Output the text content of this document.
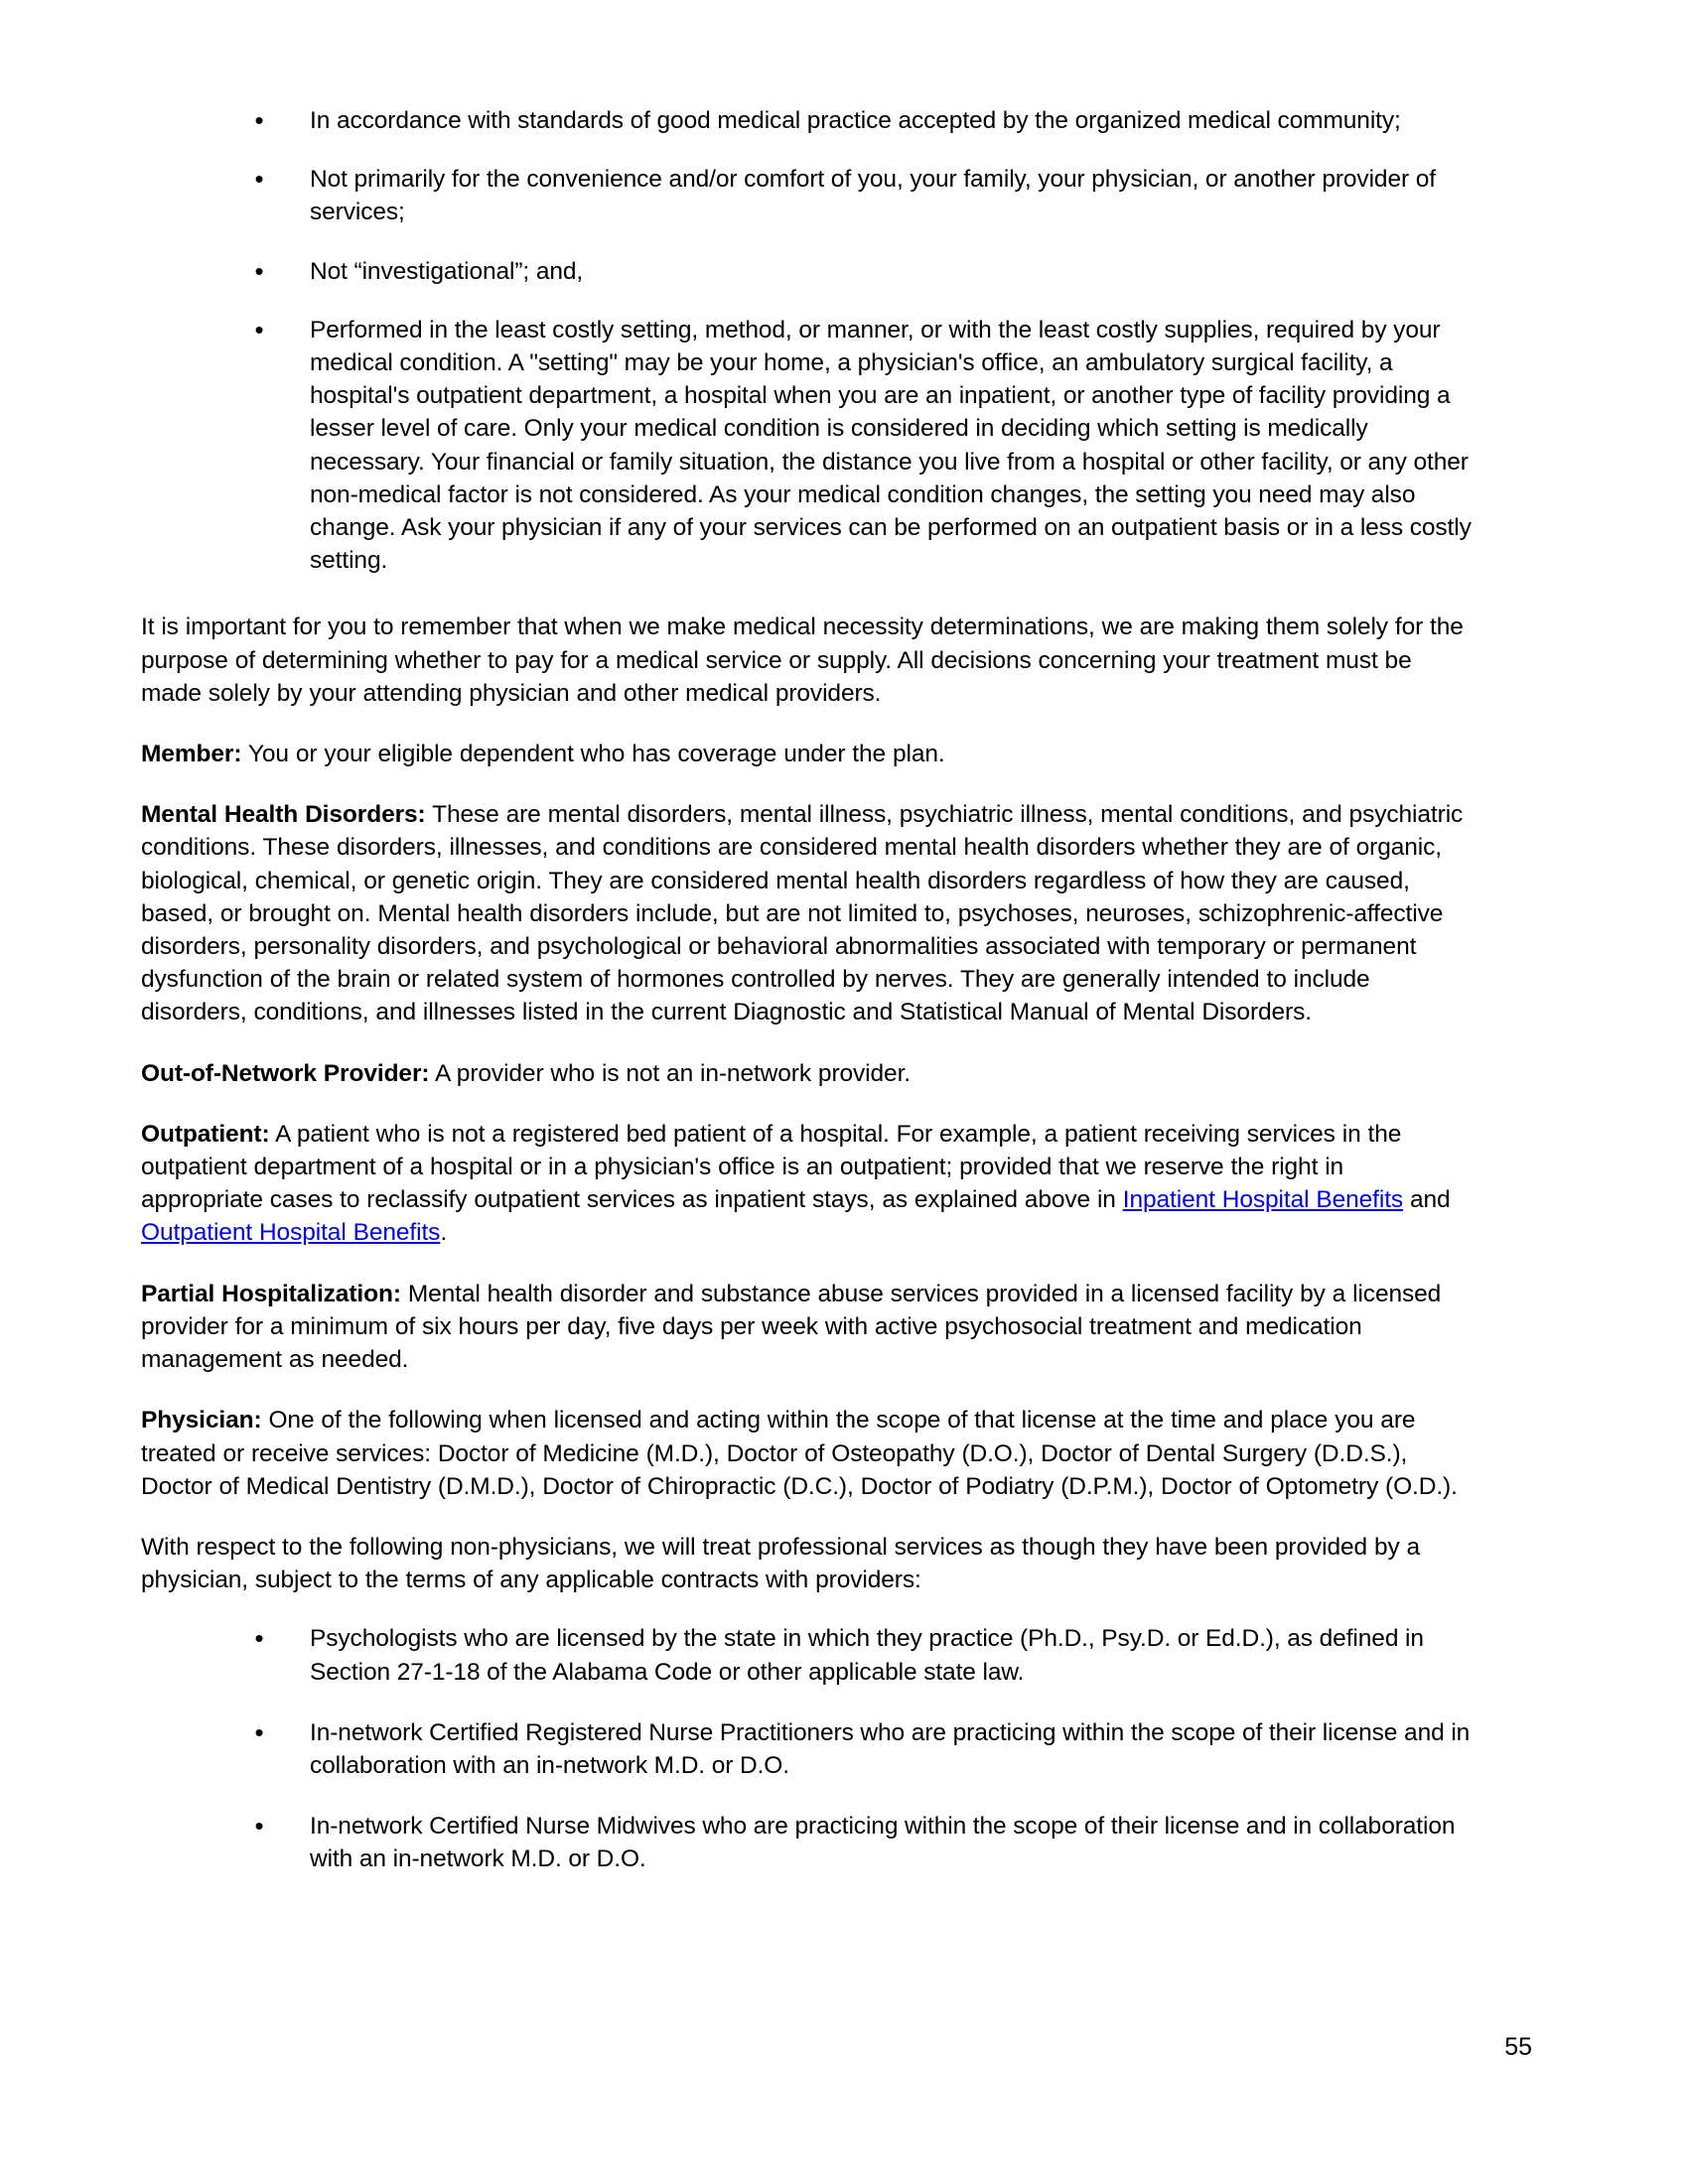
• In accordance with standards of good medical practice accepted by the organized medical community;
• Not primarily for the convenience and/or comfort of you, your family, your physician, or another provider of services;
• Not “investigational”; and,
• Performed in the least costly setting, method, or manner, or with the least costly supplies, required by your medical condition. A "setting" may be your home, a physician's office, an ambulatory surgical facility, a hospital's outpatient department, a hospital when you are an inpatient, or another type of facility providing a lesser level of care. Only your medical condition is considered in deciding which setting is medically necessary. Your financial or family situation, the distance you live from a hospital or other facility, or any other non-medical factor is not considered. As your medical condition changes, the setting you need may also change. Ask your physician if any of your services can be performed on an outpatient basis or in a less costly setting.

It is important for you to remember that when we make medical necessity determinations, we are making them solely for the purpose of determining whether to pay for a medical service or supply. All decisions concerning your treatment must be made solely by your attending physician and other medical providers.

Member: You or your eligible dependent who has coverage under the plan.

Mental Health Disorders: These are mental disorders, mental illness, psychiatric illness, mental conditions, and psychiatric conditions. These disorders, illnesses, and conditions are considered mental health disorders whether they are of organic, biological, chemical, or genetic origin. They are considered mental health disorders regardless of how they are caused, based, or brought on. Mental health disorders include, but are not limited to, psychoses, neuroses, schizophrenic-affective disorders, personality disorders, and psychological or behavioral abnormalities associated with temporary or permanent dysfunction of the brain or related system of hormones controlled by nerves. They are generally intended to include disorders, conditions, and illnesses listed in the current Diagnostic and Statistical Manual of Mental Disorders.

Out-of-Network Provider: A provider who is not an in-network provider.

Outpatient: A patient who is not a registered bed patient of a hospital. For example, a patient receiving services in the outpatient department of a hospital or in a physician's office is an outpatient; provided that we reserve the right in appropriate cases to reclassify outpatient services as inpatient stays, as explained above in Inpatient Hospital Benefits and Outpatient Hospital Benefits.

Partial Hospitalization: Mental health disorder and substance abuse services provided in a licensed facility by a licensed provider for a minimum of six hours per day, five days per week with active psychosocial treatment and medication management as needed.

Physician: One of the following when licensed and acting within the scope of that license at the time and place you are treated or receive services: Doctor of Medicine (M.D.), Doctor of Osteopathy (D.O.), Doctor of Dental Surgery (D.D.S.), Doctor of Medical Dentistry (D.M.D.), Doctor of Chiropractic (D.C.), Doctor of Podiatry (D.P.M.), Doctor of Optometry (O.D.).

With respect to the following non-physicians, we will treat professional services as though they have been provided by a physician, subject to the terms of any applicable contracts with providers:

• Psychologists who are licensed by the state in which they practice (Ph.D., Psy.D. or Ed.D.), as defined in Section 27-1-18 of the Alabama Code or other applicable state law.
• In-network Certified Registered Nurse Practitioners who are practicing within the scope of their license and in collaboration with an in-network M.D. or D.O.
• In-network Certified Nurse Midwives who are practicing within the scope of their license and in collaboration with an in-network M.D. or D.O.
55
